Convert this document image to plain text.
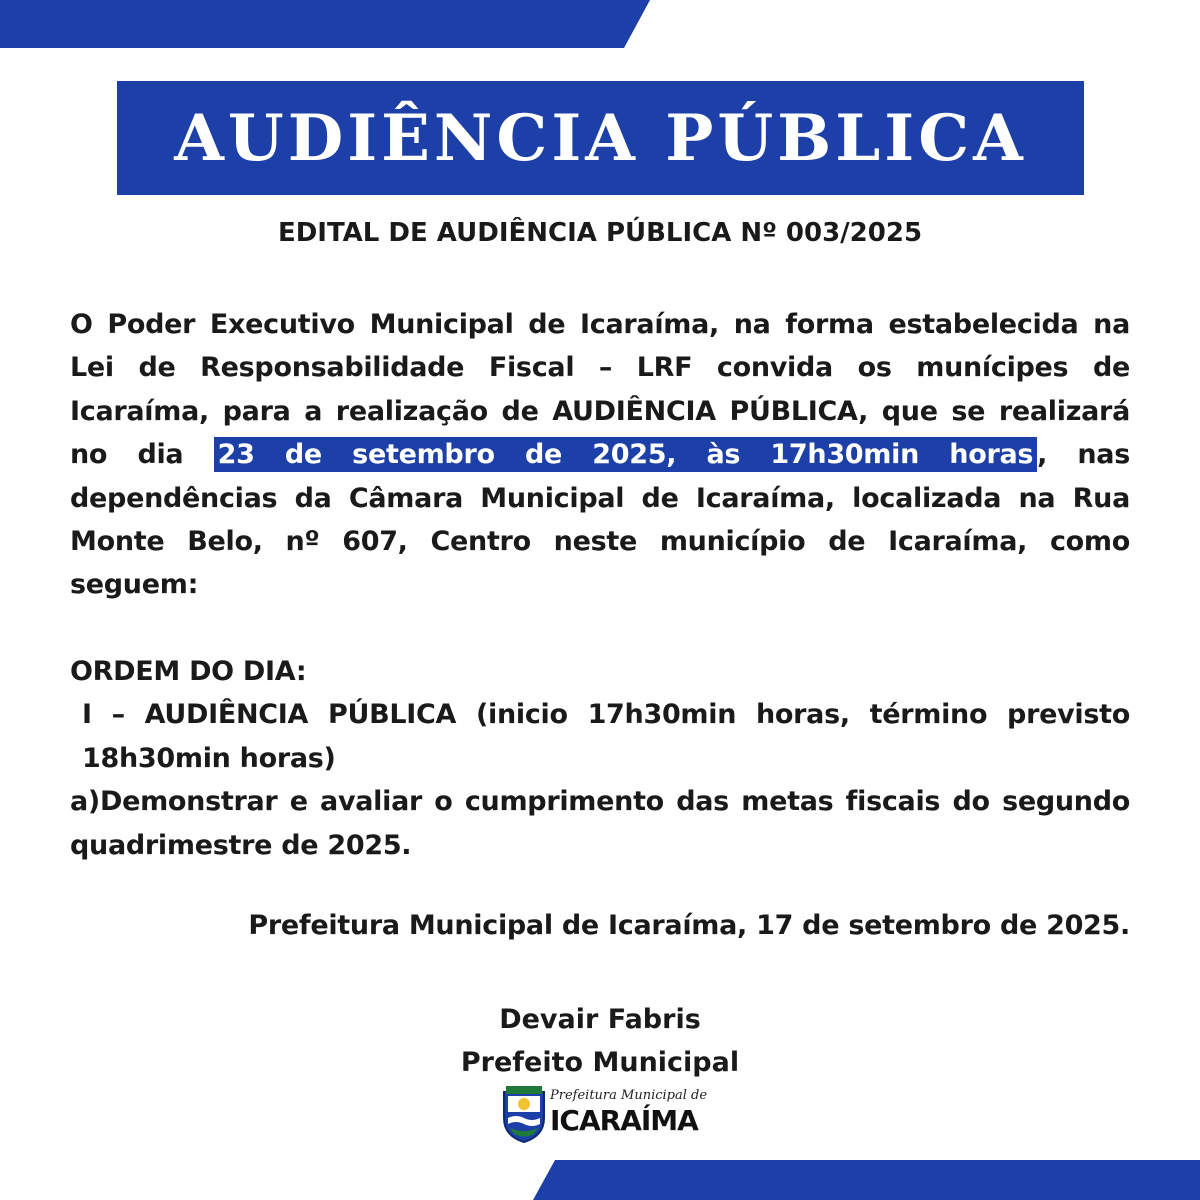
AUDIÊNCIA PÚBLICA
EDITAL DE AUDIÊNCIA PÚBLICA Nº 003/2025

O Poder Executivo Municipal de Icaraíma, na forma estabelecida na Lei de Responsabilidade Fiscal – LRF convida os munícipes de Icaraíma, para a realização de AUDIÊNCIA PÚBLICA, que se realizará no dia 23 de setembro de 2025, às 17h30min horas , nas dependências da Câmara Municipal de Icaraíma, localizada na Rua Monte Belo, nº 607, Centro neste município de Icaraíma, como seguem:

ORDEM DO DIA:

I – AUDIÊNCIA PÚBLICA (inicio 17h30min horas, término previsto 18h30min horas)

a)Demonstrar e avaliar o cumprimento das metas fiscais do segundo quadrimestre de 2025.

Prefeitura Municipal de Icaraíma, 17 de setembro de 2025.
Devair Fabris
Prefeito Municipal
Prefeitura Municipal de
ICARAÍMA
